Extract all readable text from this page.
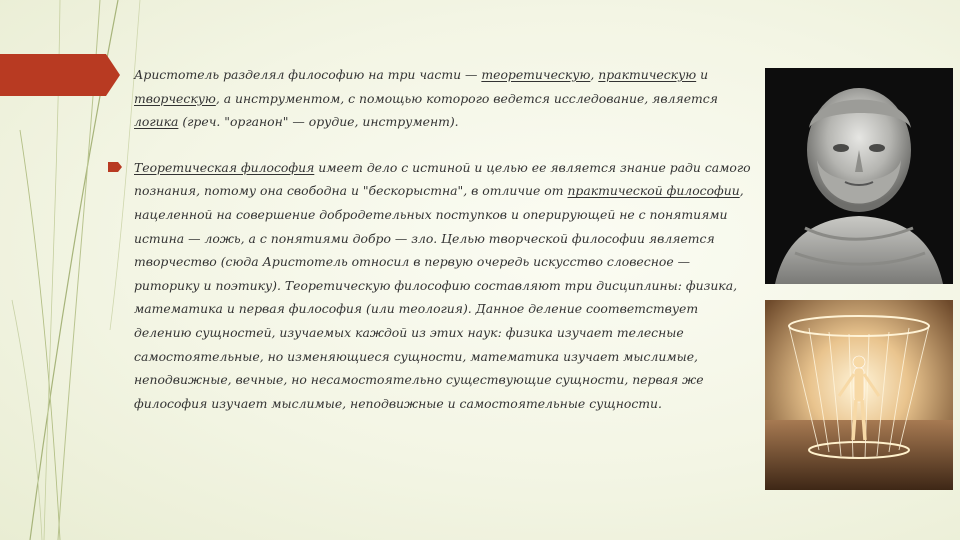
Аристотель разделял философию на три части — теоретическую, практическую и творческую, а инструментом, с помощью которого ведется исследование, является логика (греч. "органон" — орудие, инструмент).

Теоретическая философия имеет дело с истиной и целью ее является знание ради самого познания, потому она свободна и "бескорыстна", в отличие от практической философии, нацеленной на совершение добродетельных поступков и оперирующей не с понятиями истина — ложь, а с понятиями добро — зло. Целью творческой философии является творчество (сюда Аристотель относил в первую очередь искусство словесное — риторику и поэтику). Теоретическую философию составляют три дисциплины: физика, математика и первая философия (или теология). Данное деление соответствует делению сущностей, изучаемых каждой из этих наук: физика изучает телесные самостоятельные, но изменяющиеся сущности, математика изучает мыслимые, неподвижные, вечные, но несамостоятельно существующие сущности, первая же философия изучает мыслимые, неподвижные и самостоятельные сущности.
